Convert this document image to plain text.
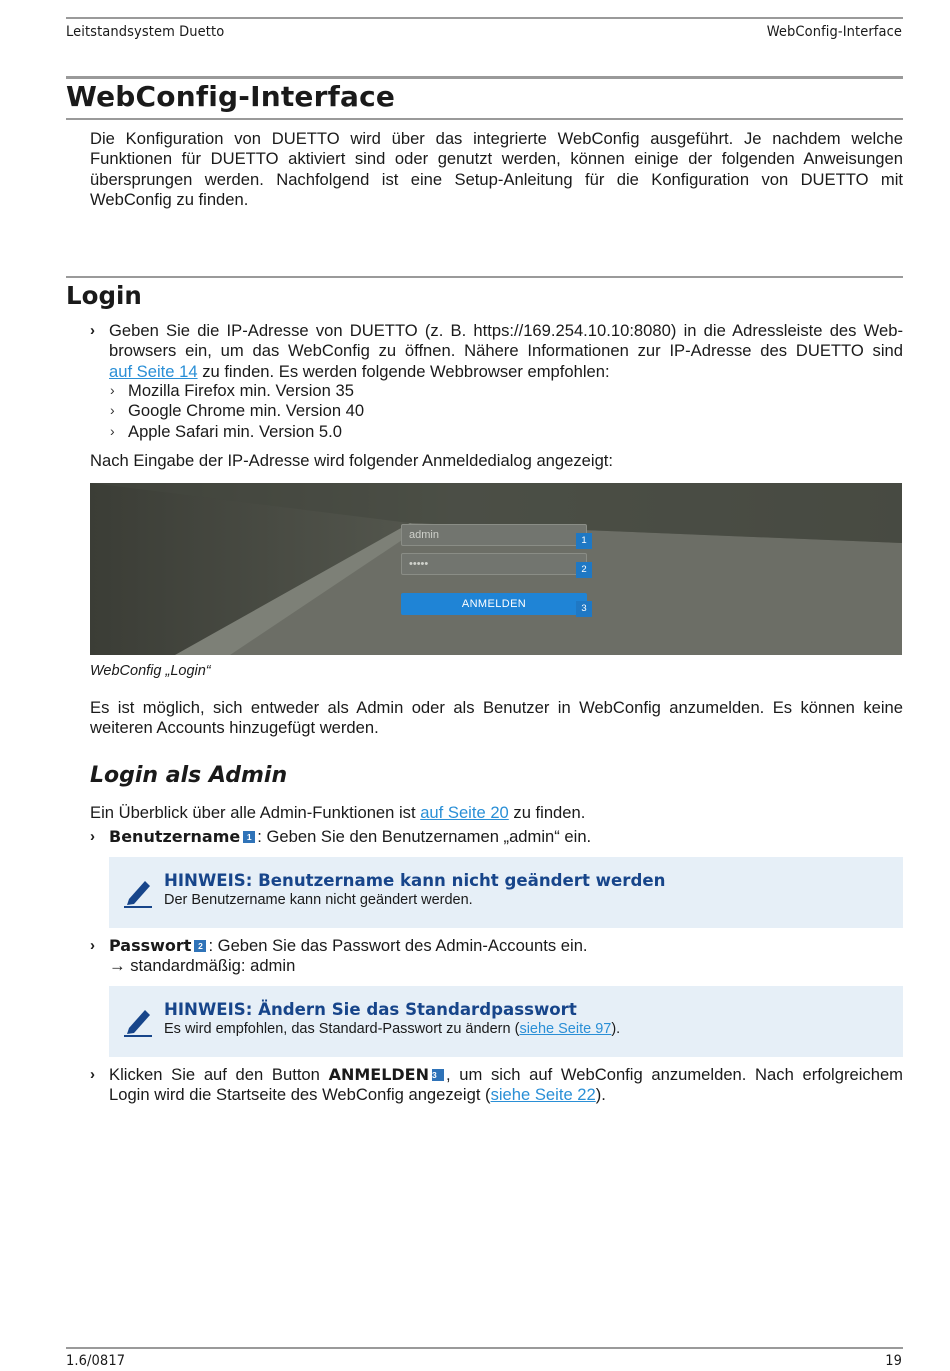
Leitstandsystem Duetto	WebConfig-Interface
WebConfig-Interface
Die Konfiguration von DUETTO wird über das integrierte WebConfig ausgeführt. Je nachdem welche
Funktionen für DUETTO aktiviert sind oder genutzt werden, können einige der folgenden Anweisungen
übersprungen werden. Nachfolgend ist eine Setup-Anleitung für die Konfiguration von DUETTO mit
WebConfig zu finden.
Login
› Geben Sie die IP-Adresse von DUETTO (z. B. https://169.254.10.10:8080) in die Adressleiste des Web-
browsers ein, um das WebConfig zu öffnen. Nähere Informationen zur IP-Adresse des DUETTO sind
auf Seite 14 zu finden. Es werden folgende Webbrowser empfohlen:
› Mozilla Firefox min. Version 35
› Google Chrome min. Version 40
› Apple Safari min. Version 5.0
Nach Eingabe der IP-Adresse wird folgender Anmeldedialog angezeigt:
admin	1
•••••	2
ANMELDEN	3
WebConfig „Login“
Es ist möglich, sich entweder als Admin oder als Benutzer in WebConfig anzumelden. Es können keine
weiteren Accounts hinzugefügt werden.
Login als Admin
Ein Überblick über alle Admin-Funktionen ist auf Seite 20 zu finden.
› Benutzername 1 : Geben Sie den Benutzernamen „admin“ ein.
HINWEIS: Benutzername kann nicht geändert werden
Der Benutzername kann nicht geändert werden.
› Passwort 2 : Geben Sie das Passwort des Admin-Accounts ein.
→ standardmäßig: admin
HINWEIS: Ändern Sie das Standardpasswort
Es wird empfohlen, das Standard-Passwort zu ändern (siehe Seite 97).
› Klicken Sie auf den Button ANMELDEN 3 , um sich auf WebConfig anzumelden. Nach erfolgreichem
Login wird die Startseite des WebConfig angezeigt (siehe Seite 22).
1.6/0817	19
